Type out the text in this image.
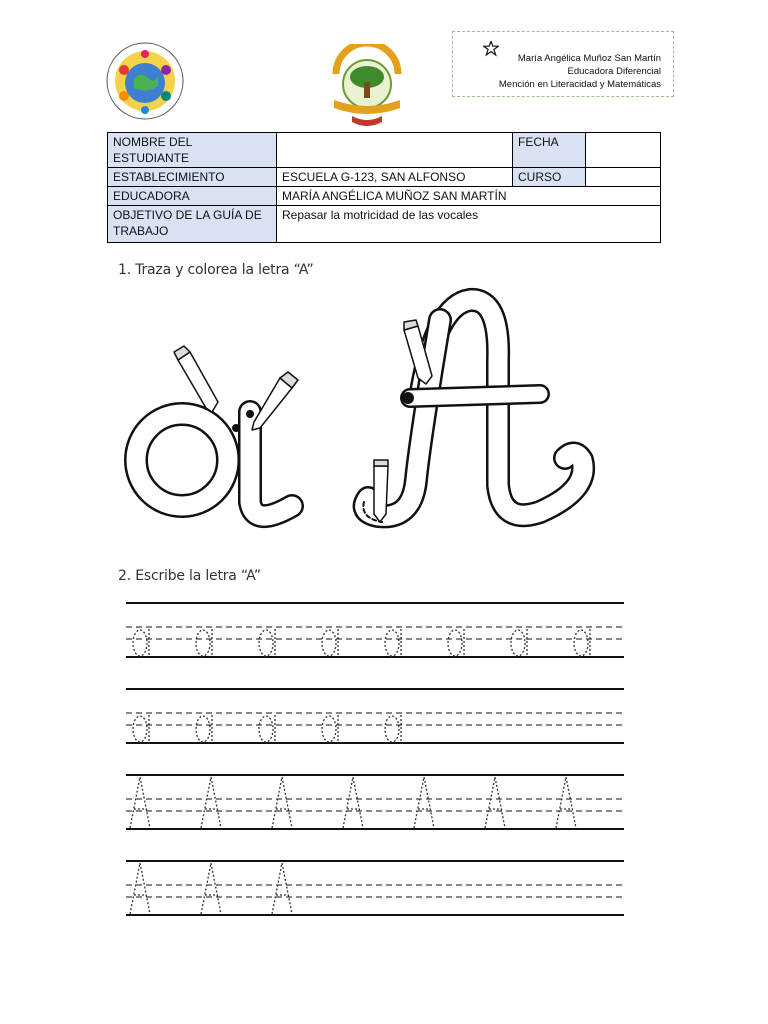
María Angélica Muñoz San Martín
Educadora Diferencial
Mención en Literacidad y Matemáticas
NOMBRE DEL ESTUDIANTE		FECHA	
ESTABLECIMIENTO	ESCUELA G-123, SAN ALFONSO	CURSO	
EDUCADORA	MARÍA ANGÉLICA MUÑOZ SAN MARTÍN		
OBJETIVO DE LA GUÍA DE TRABAJO	Repasar la motricidad de las vocales		
1. Traza y colorea la letra “A”
2. Escribe la letra “A”
